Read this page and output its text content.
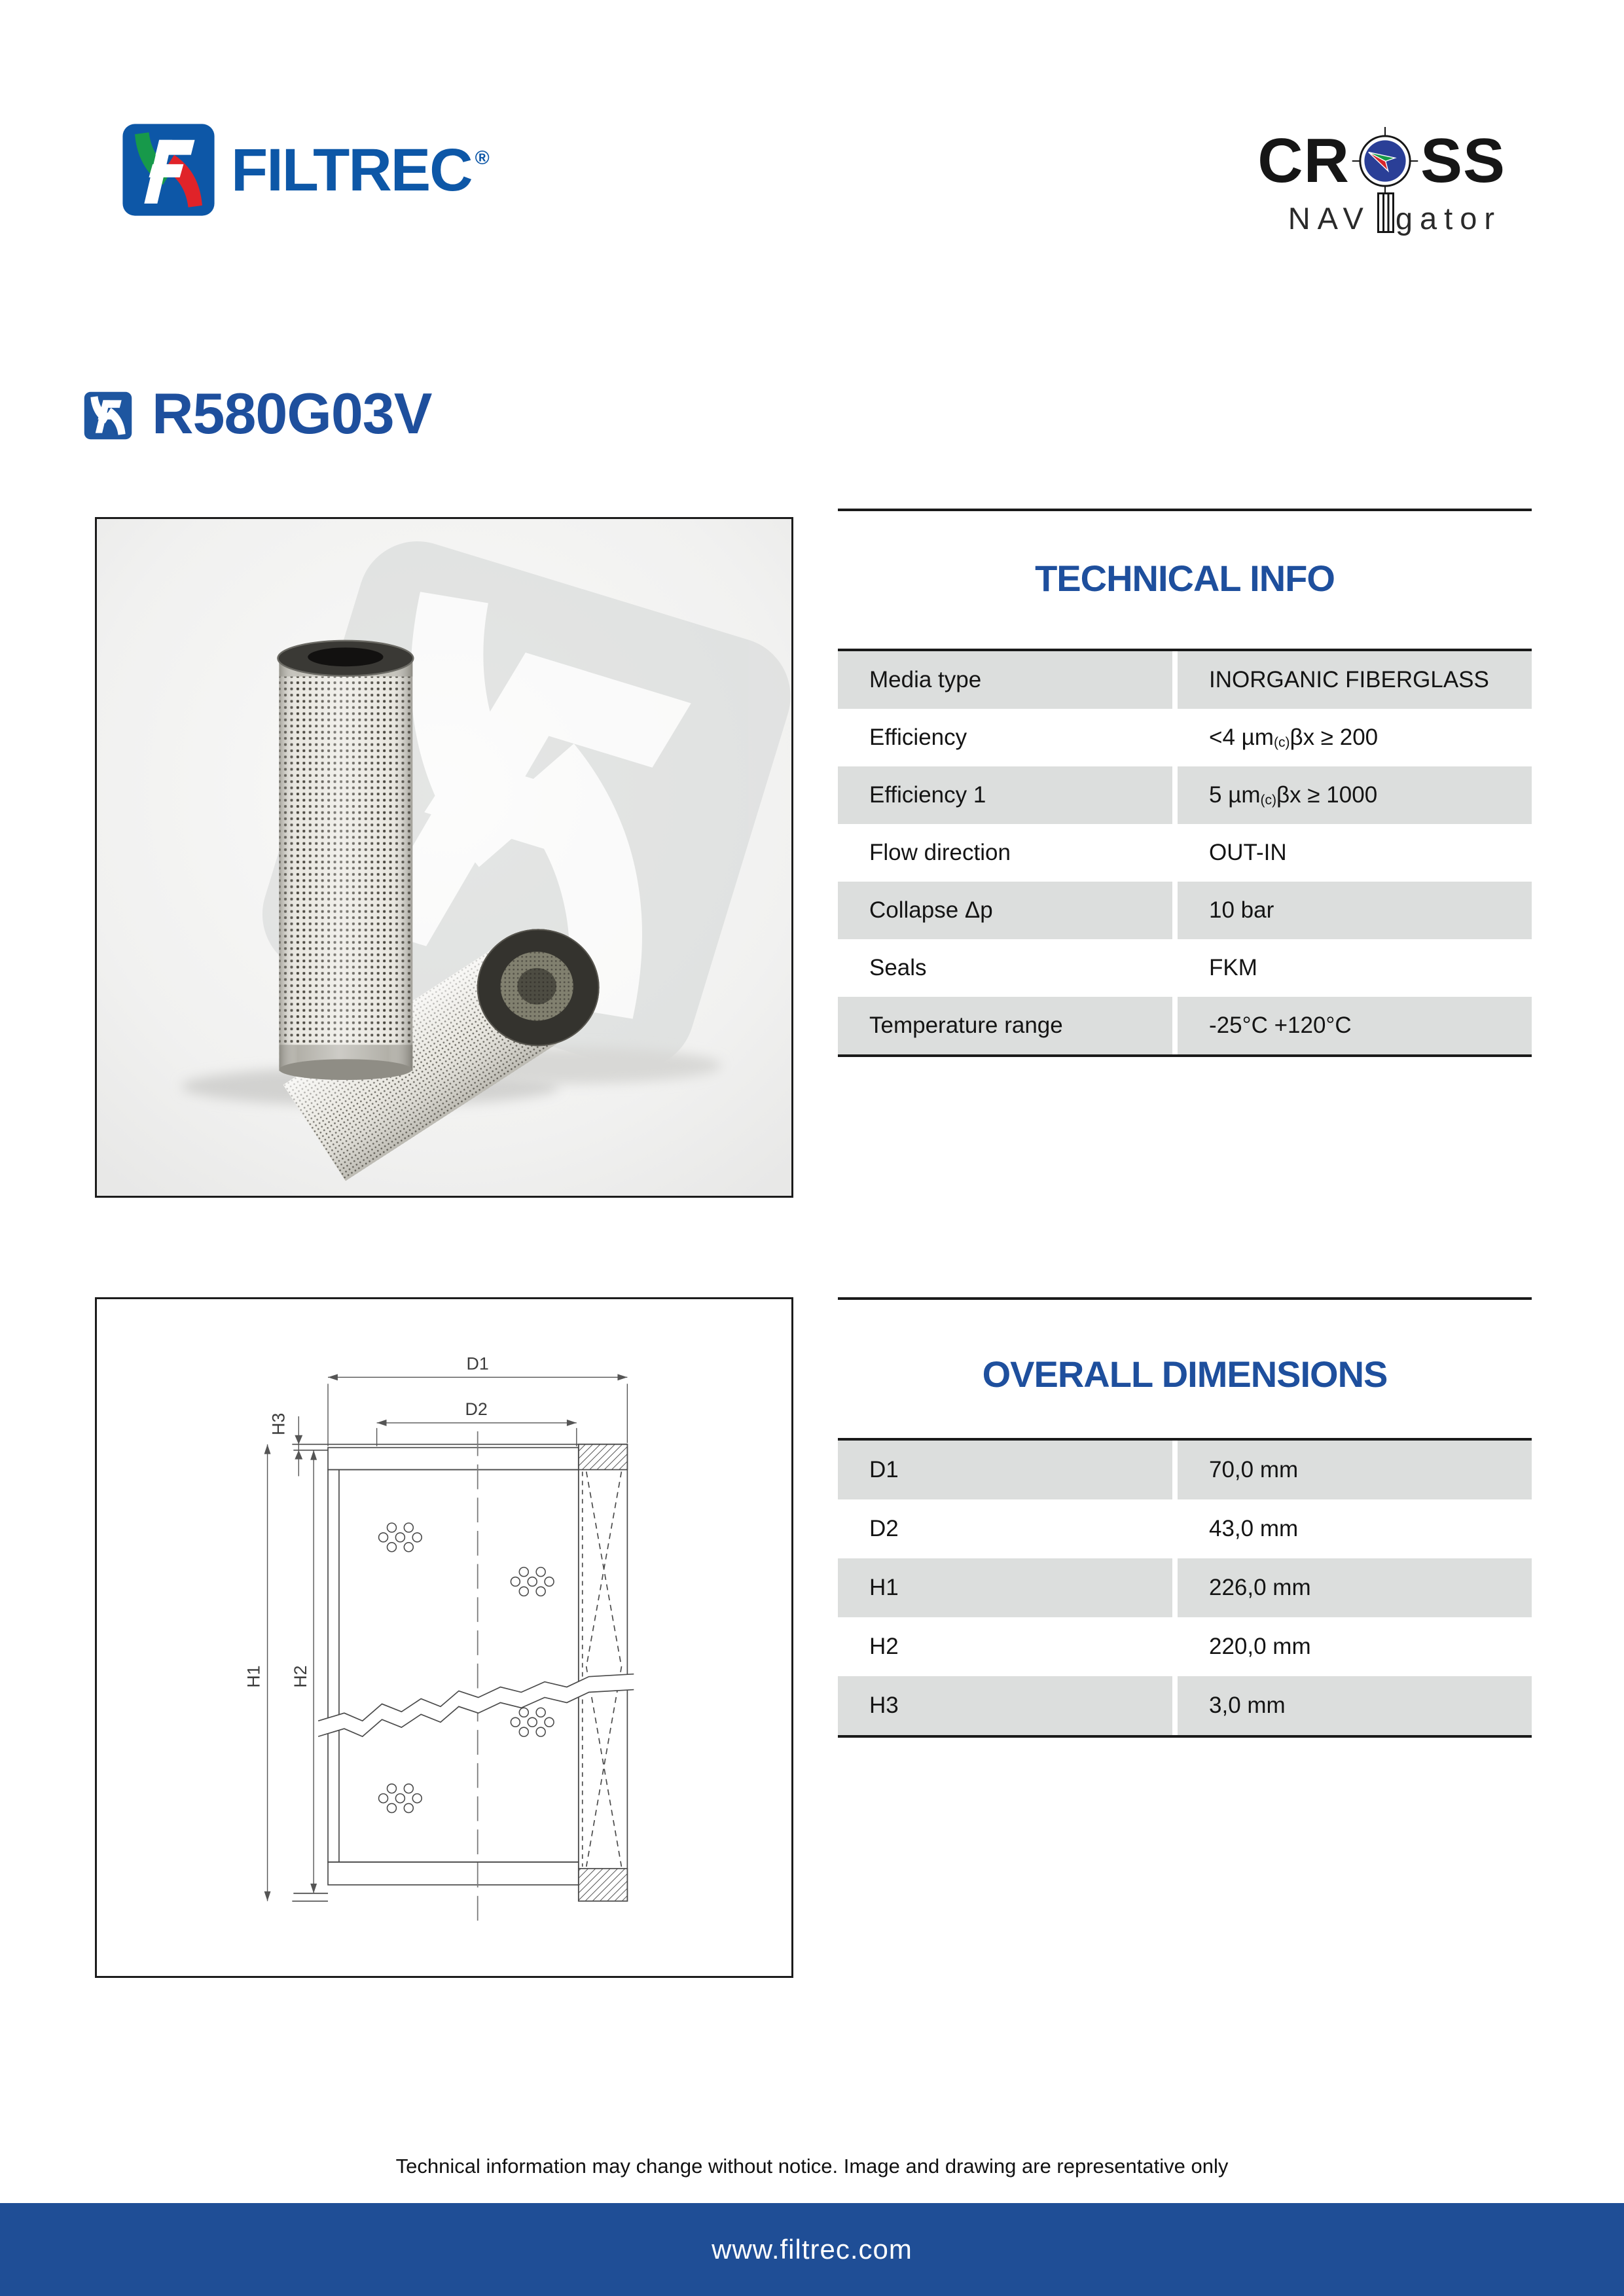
FILTREC ®	CR SS
NAV gator
R580G03V
TECHNICAL INFO
Media type	INORGANIC FIBERGLASS
Efficiency	<4 µm (c) βx ≥ 200
Efficiency 1	5 µm (c) βx ≥ 1000
Flow direction	OUT-IN
Collapse Δp	10 bar
Seals	FKM
Temperature range	-25°C +120°C
D1
D2
H1 H2
H3
OVERALL DIMENSIONS
D1	70,0 mm
D2	43,0 mm
H1	226,0 mm
H2	220,0 mm
H3	3,0 mm
Technical information may change without notice. Image and drawing are representative only
www.filtrec.com
